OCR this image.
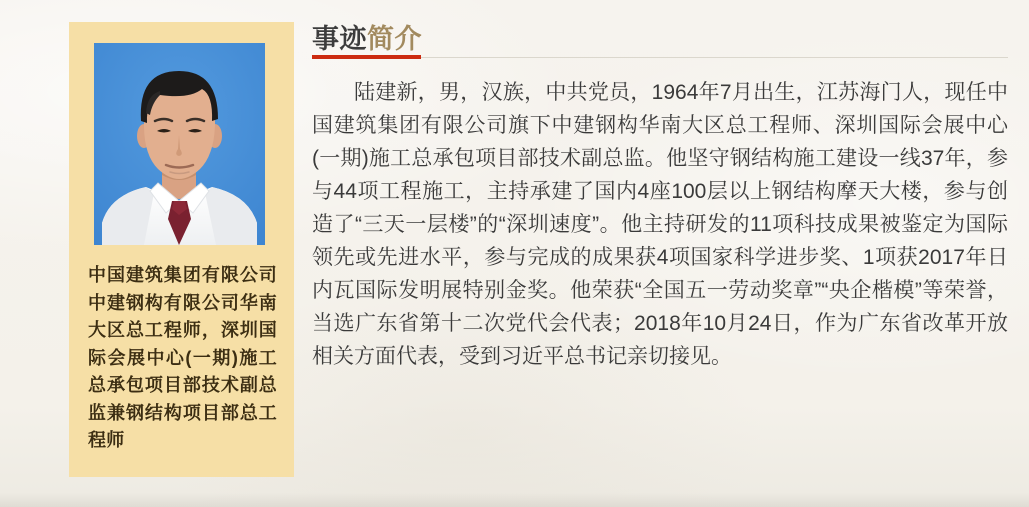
中国建筑集团有限公司中建钢构有限公司华南大区总工程师，深圳国际会展中心(一期)施工总承包项目部技术副总监兼钢结构项目部总工程师
事迹简介

陆建新，男，汉族，中共党员，1964年7月出生，江苏海门人，现任中国建筑集团有限公司旗下中建钢构华南大区总工程师、深圳国际会展中心(一期)施工总承包项目部技术副总监。他坚守钢结构施工建设一线37年，参与44项工程施工，主持承建了国内4座100层以上钢结构摩天大楼，参与创造了“三天一层楼”的“深圳速度”。他主持研发的11项科技成果被鉴定为国际领先或先进水平，参与完成的成果获4项国家科学进步奖、1项获2017年日内瓦国际发明展特别金奖。他荣获“全国五一劳动奖章”“央企楷模”等荣誉，当选广东省第十二次党代会代表；2018年10月24日，作为广东省改革开放相关方面代表，受到习近平总书记亲切接见。
